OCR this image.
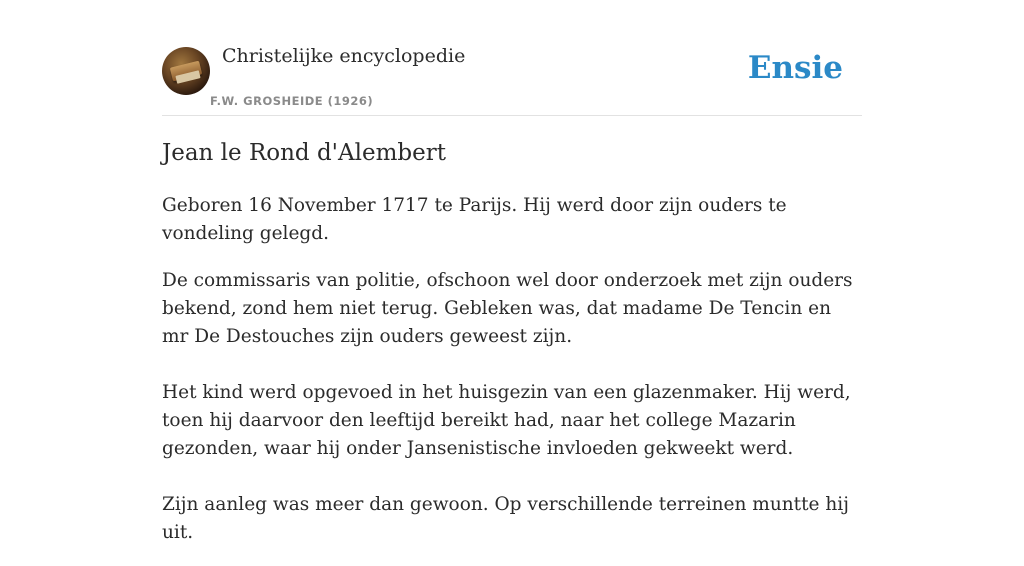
Christelijke encyclopedie
F.W. GROSHEIDE (1926)
Ensie
Jean le Rond d'Alembert

Geboren 16 November 1717 te Parijs. Hij werd door zijn ouders te vondeling gelegd.

De commissaris van politie, ofschoon wel door onderzoek met zijn ouders bekend, zond hem niet terug. Gebleken was, dat madame De Tencin en mr De Destouches zijn ouders geweest zijn.

Het kind werd opgevoed in het huisgezin van een glazenmaker. Hij werd, toen hij daarvoor den leeftijd bereikt had, naar het college Mazarin gezonden, waar hij onder Jansenistische invloeden gekweekt werd.

Zijn aanleg was meer dan gewoon. Op verschillende terreinen muntte hij uit.
